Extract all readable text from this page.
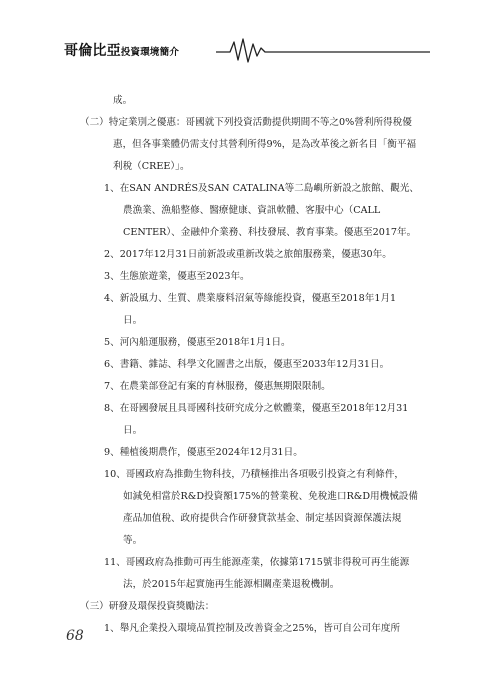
哥倫比亞投資環境簡介
成。
（二）特定業別之優惠：哥國就下列投資活動提供期間不等之0%營利所得稅優
惠，但各事業體仍需支付其營利所得9%，是為改革後之新名目「衡平福
利稅（CREE）」。
1、在SAN ANDRÉS及SAN CATALINA等二島嶼所新設之旅館、觀光、
農漁業、漁船整修、醫療健康、資訊軟體、客服中心（CALL
CENTER）、金融仲介業務、科技發展、教育事業。優惠至2017年。
2、2017年12月31日前新設或重新改裝之旅館服務業，優惠30年。
3、生態旅遊業，優惠至2023年。
4、新設風力、生質、農業廢料沼氣等綠能投資，優惠至2018年1月1
日。
5、河內船運服務，優惠至2018年1月1日。
6、書籍、雜誌、科學文化圖書之出版，優惠至2033年12月31日。
7、在農業部登記有案的育林服務，優惠無期限限制。
8、在哥國發展且具哥國科技研究成分之軟體業，優惠至2018年12月31
日。
9、種植後期農作，優惠至2024年12月31日。
10、哥國政府為推動生物科技，乃積極推出各項吸引投資之有利條件，
如減免相當於R&D投資額175%的營業稅、免稅進口R&D用機械設備
產品加值稅、政府提供合作研發貸款基金、制定基因資源保護法規
等。
11、哥國政府為推動可再生能源產業，依據第1715號非得稅可再生能源
法，於2015年起實施再生能源相關產業退稅機制。
（三）研發及環保投資獎勵法：
1、舉凡企業投入環境品質控制及改善資金之25%，皆可自公司年度所
68
